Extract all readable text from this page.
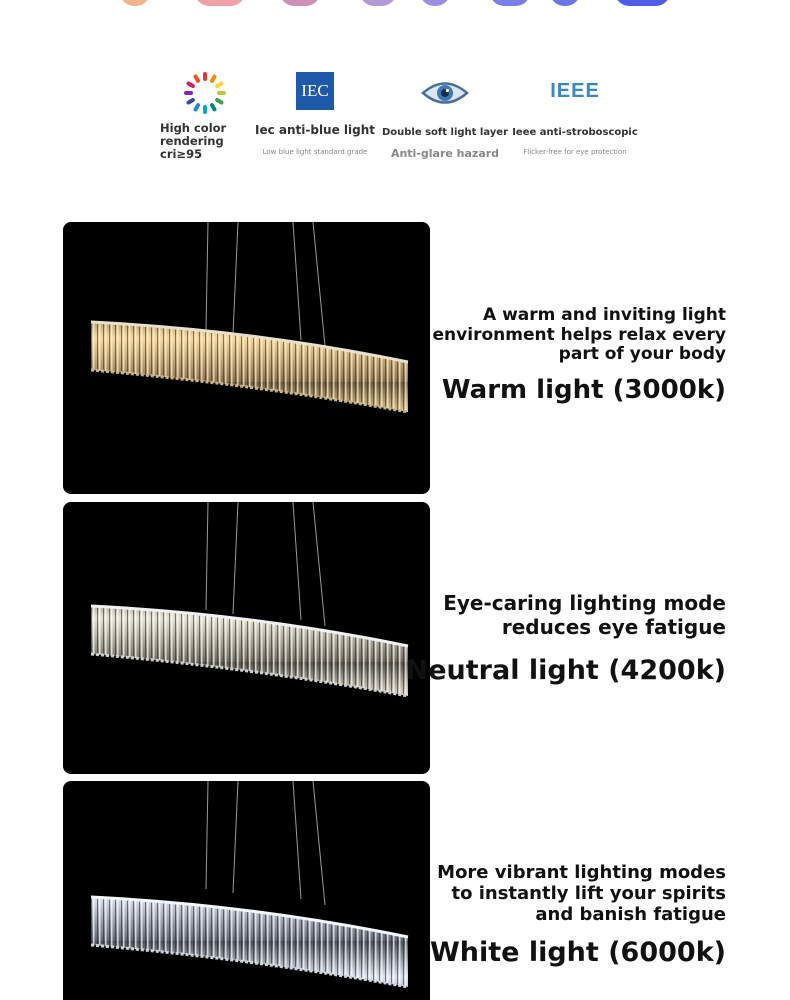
High color rendering cri≥95
IEC
Iec anti-blue light
Low blue light standard grade
Double soft light layer
Anti-glare hazard
IEEE
Ieee anti-stroboscopic
Flicker-free for eye protection
A warm and inviting light environment helps relax every part of your body
Warm light (3000k)
Eye-caring lighting mode reduces eye fatigue
Neutral light (4200k)
More vibrant lighting modes to instantly lift your spirits and banish fatigue
White light (6000k)
